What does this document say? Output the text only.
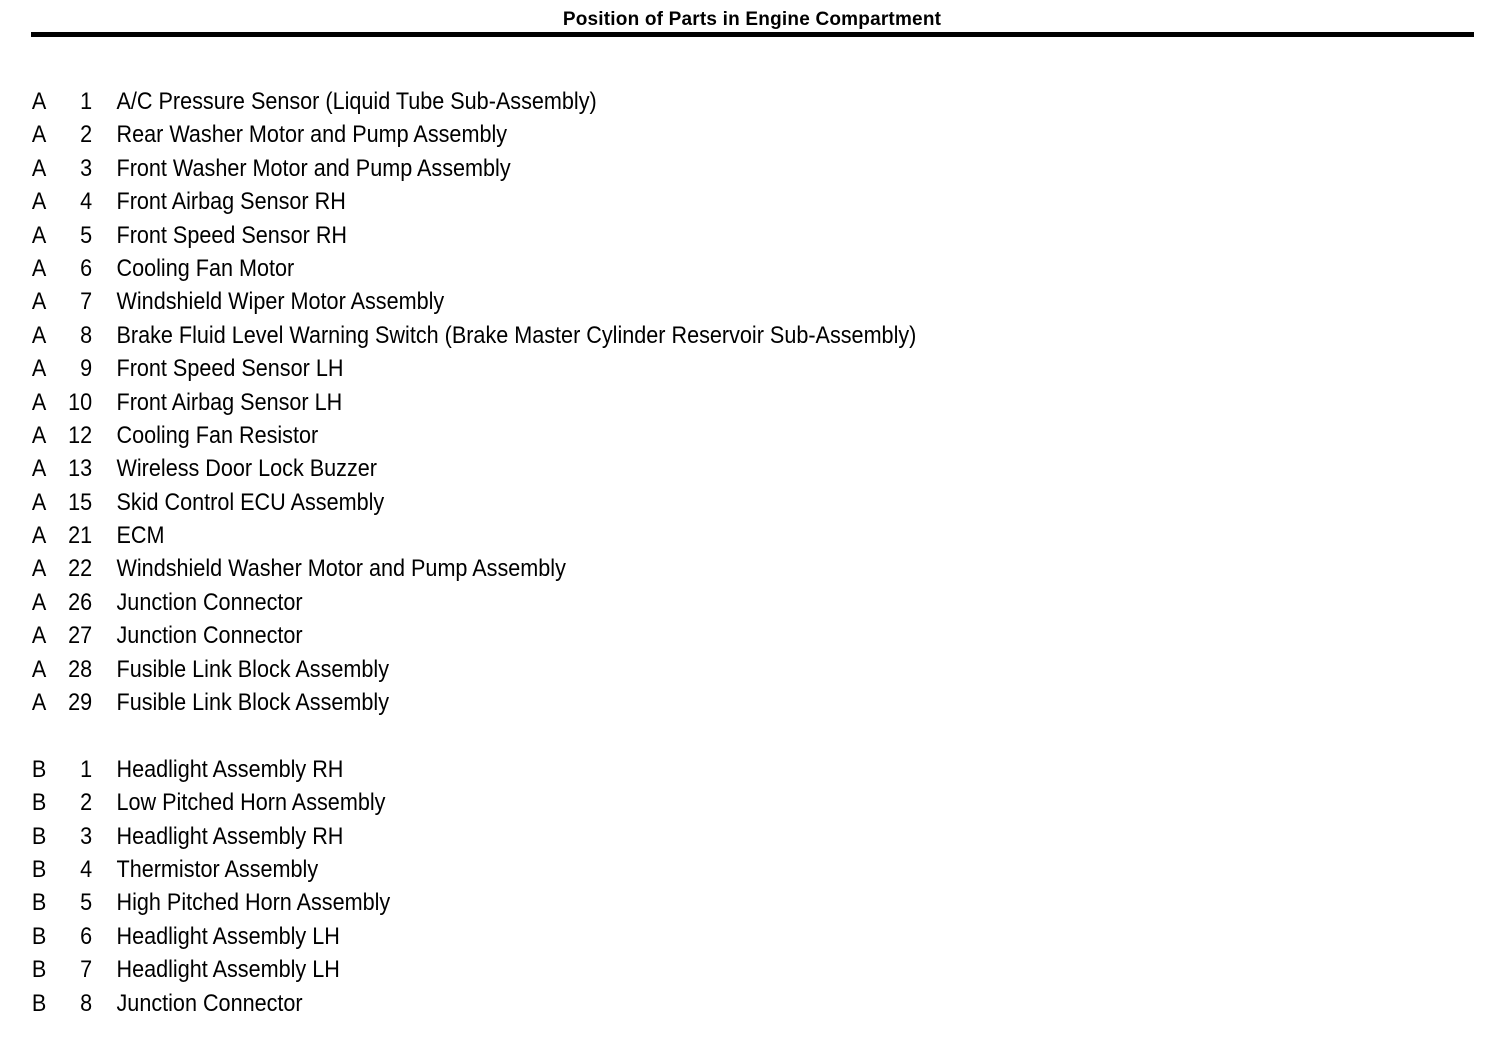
Position of Parts in Engine Compartment
A	1 A/C Pressure Sensor (Liquid Tube Sub-Assembly)
A	2 Rear Washer Motor and Pump Assembly
A	3 Front Washer Motor and Pump Assembly
A	4 Front Airbag Sensor RH
A	5 Front Speed Sensor RH
A	6 Cooling Fan Motor
A	7 Windshield Wiper Motor Assembly
A	8 Brake Fluid Level Warning Switch (Brake Master Cylinder Reservoir Sub-Assembly)
A	9 Front Speed Sensor LH
A 10 Front Airbag Sensor LH
A 12 Cooling Fan Resistor
A 13 Wireless Door Lock Buzzer
A 15 Skid Control ECU Assembly
A 21 ECM
A 22 Windshield Washer Motor and Pump Assembly
A 26 Junction Connector
A 27 Junction Connector
A 28 Fusible Link Block Assembly
A 29 Fusible Link Block Assembly
B	1 Headlight Assembly RH
B	2 Low Pitched Horn Assembly
B	3 Headlight Assembly RH
B	4 Thermistor Assembly
B	5 High Pitched Horn Assembly
B	6 Headlight Assembly LH
B	7 Headlight Assembly LH
B	8 Junction Connector
